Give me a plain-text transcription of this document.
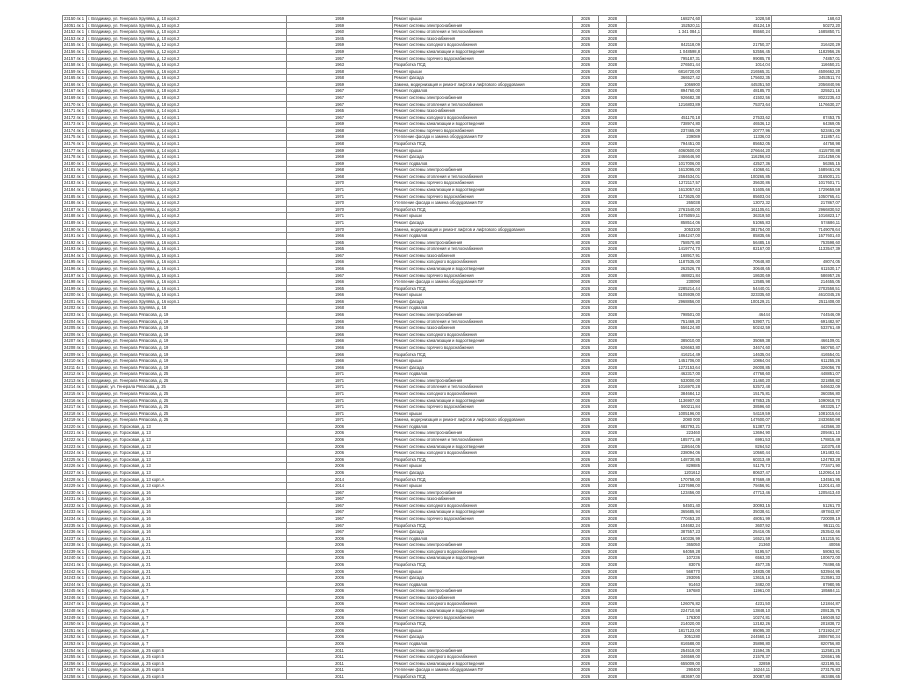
23150 4к 1	г. Владимир, ул. Генерала Хрулёва, д. 10 корп.2	1959	Ремонт крыши	2026	2028	168274,60	1028,58	168,63
24051 4к 1	г. Владимир, ул. Генерала Хрулёва, д. 10 корп.2	1959	Ремонт системы электроснабжения	2026	2028	152520,11	45124,19	50272,20
24152 4к 1	г. Владимир, ул. Генерала Хрулёва, д. 10 корп.2	1960	Ремонт системы отопления и теплоснабжения	2026	2028	1 341 084,1	85560,24	1685850,71
24153 4к 2	г. Владимир, ул. Генерала Хрулёва, д. 10 корп.2	1945	Ремонт системы газоснабжения	2026	2028			
24155 4к 1	г. Владимир, ул. Генерала Хрулёва, д. 12 корп.2	1959	Ремонт системы холодного водоснабжения	2026	2028	842118,09	21750,37	316420,29
24156 4к 1	г. Владимир, ул. Генерала Хрулёва, д. 12 корп.2	1959	Ремонт системы канализации и водоотведения	2026	2028	1 048598,8	52556,45	1182956,26
24157 4к 1	г. Владимир, ул. Генерала Хрулёва, д. 12 корп.2	1957	Ремонт системы горячего водоснабжения	2026	2028	795187,31	99085,78	74857,01
24158 4к 1	г. Владимир, ул. Генерала Хрулёва, д. 16 корп.2	1963	Разработка ПСД	2026	2028	276501,44	1014,04	116650,21
24159 4к 1	г. Владимир, ул. Генерала Хрулёва, д. 16 корп.2	1958	Ремонт крыши	2026	2028	6816720,00	216565,31	4506662,20
24165 4к 1	г. Владимир, ул. Генерала Хрулёва, д. 16 корп.2	1958	Ремонт фасада	2026	2028	366527,42	175602,35	3453511,74
24166 4к 1	г. Владимир, ул. Генерала Хрулёва, д. 16 корп.2	1959	Замена, модернизация и ремонт лифтов и лифтового оборудования	2026	2028	1066900	445351,50	2056840,96
24167 4к 1	г. Владимир, ул. Генерала Хрулёва, д. 18 корп.2	1967	Ремонт подвалов	2026	2028	894760,00	48185,70	325521,16
24169 4к 1	г. Владимир, ул. Генерала Хрулёва, д. 18 корп.2	1967	Ремонт системы электроснабжения	2026	2028	926682,38	41502,56	8022235,43
24170 4к 1	г. Владимир, ул. Генерала Хрулёва, д. 18 корп.2	1967	Ремонт системы отопления и теплоснабжения	2026	2028	1216803,89	75373,64	1176630,27
24171 4к 1	г. Владимир, ул. Генерала Хрулёва, д. 14 корп.1	1965	Ремонт системы газоснабжения	2026	2028			
24172 4к 1	г. Владимир, ул. Генерала Хрулёва, д. 14 корп.1	1967	Ремонт системы холодного водоснабжения	2026	2028	451170,18	27533,62	87453,75
24173 4к 1	г. Владимир, ул. Генерала Хрулёва, д. 14 корп.1	1969	Ремонт системы канализации и водоотведения	2026	2028	738974,80	46536,12	64369,05
24174 4к 1	г. Владимир, ул. Генерала Хрулёва, д. 14 корп.1	1968	Ремонт системы горячего водоснабжения	2026	2028	237465,09	20777,96	523461,09
24175 4к 1	г. Владимир, ул. Генерала Хрулёва, д. 14 корп.1	1969	Утепление фасада и замена оборудования ПУ	2026	2028	239089	11336,03	311857,41
24176 4к 1	г. Владимир, ул. Генерала Хрулёва, д. 14 корп.1	1968	Разработка ПСД	2026	2028	794451,00	85652,05	44758,98
24177 4к 1	г. Владимир, ул. Генерала Хрулёва, д. 14 корп.1	1969	Ремонт крыши	2026	2028	4060500,00	276644,20	4115700,88
24178 4к 1	г. Владимир, ул. Генерала Хрулёва, д. 14 корп.1	1969	Ремонт фасада	2026	2028	2466646,90	116256,83	2314259,06
24180 4к 1	г. Владимир, ул. Генерала Хрулёва, д. 14 корп.1	1969	Ремонт подвалов	2026	2028	1017006,00	42527,36	56365,15
24181 4к 1	г. Владимир, ул. Генерала Хрулёва, д. 14 корп.2	1968	Ремонт системы электроснабжения	2026	2028	1613095,00	41068,61	1689461,06
24182 4к 1	г. Владимир, ул. Генерала Хрулёва, д. 14 корп.2	1968	Ремонт системы отопления и теплоснабжения	2026	2028	2564534,01	100265,85	3165001,21
24183 4к 1	г. Владимир, ул. Генерала Хрулёва, д. 14 корп.2	1970	Ремонт системы горячего водоснабжения	2026	2028	1272117,57	35630,86	1017601,71
24184 4к 1	г. Владимир, ул. Генерала Хрулёва, д. 14 корп.2	1971	Ремонт системы канализации и водоотведения	2026	2028	1613057,63	51605,66	1729659,59
24185 4к 1	г. Владимир, ул. Генерала Хрулёва, д. 14 корп.2	1971	Ремонт системы горячего водоснабжения	2026	2028	1173625,00	85603,04	1050765,41
24186 4к 1	г. Владимир, ул. Генерала Хрулёва, д. 14 корп.2	1970	Утепление фасада и замена оборудования ПУ	2026	2028	265038	13072,32	217867,07
24187 4к 1	г. Владимир, ул. Генерала Хрулёва, д. 14 корп.2	1970	Разработка ПСД	2026	2028	2761540,00	161105,61	2966830,52
24188 4к 1	г. Владимир, ул. Генерала Хрулёва, д. 14 корп.2	1971	Ремонт крыши	2026	2028	1075059,11	36319,50	1016823,17
24189 4к 1	г. Владимир, ул. Генерала Хрулёва, д. 14 корп.2	1971	Ремонт фасада	2026	2028	858514,06	51065,83	574686,11
24190 4к 1	г. Владимир, ул. Генерала Хрулёва, д. 14 корп.2	1970	Замена, модернизация и ремонт лифтов и лифтового оборудования	2026	2028	2053100	381754,00	7149078,64
24191 4к 1	г. Владимир, ул. Генерала Хрулёва, д. 16 корп.1	1966	Ремонт подвалов	2026	2028	1864247,00	85835,66	1577601,40
24192 4к 1	г. Владимир, ул. Генерала Хрулёва, д. 16 корп.1	1965	Ремонт системы электроснабжения	2026	2028	758570,80	56485,16	753598,60
24193 4к 1	г. Владимир, ул. Генерала Хрулёва, д. 16 корп.1	1965	Ремонт системы отопления и теплоснабжения	2026	2028	1419774,70	82167,00	1133547,39
24194 4к 1	г. Владимир, ул. Генерала Хрулёва, д. 16 корп.1	1967	Ремонт системы газоснабжения	2026	2028	168917,91		
24195 4к 1	г. Владимир, ул. Генерала Хрулёва, д. 16 корп.1	1966	Ремонт системы холодного водоснабжения	2026	2028	1187535,00	70648,80	48074,05
24196 4к 1	г. Владимир, ул. Генерала Хрулёва, д. 16 корп.1	1966	Ремонт системы канализации и водоотведения	2026	2028	262526,78	30648,65	611530,17
24197 4к 1	г. Владимир, ул. Генерала Хрулёва, д. 16 корп.1	1967	Ремонт системы горячего водоснабжения	2026	2028	468821,84	18630,69	586957,26
24198 4к 1	г. Владимир, ул. Генерала Хрулёва, д. 16 корп.1	1966	Утепление фасада и замена оборудования ПУ	2026	2028	230090	12585,98	214655,05
24199 4к 1	г. Владимир, ул. Генерала Хрулёва, д. 16 корп.1	1965	Разработка ПСД	2026	2028	2285214,44	54440,01	2702558,51
24200 4к 1	г. Владимир, ул. Генерала Хрулёва, д. 16 корп.1	1966	Ремонт крыши	2026	2028	5105939,00	323335,60	4610345,26
24201 4к 1	г. Владимир, ул. Генерала Хрулёва, д. 16 корп.1	1966	Ремонт фасада	2026	2028	2968856,00	100129,21	2511408,00
24202 4к 1	г. Владимир, ул. Генерала Хрулёва, д. 18	1968	Ремонт подвалов	2026	2028			
24203 4к 1	г. Владимир, ул. Генерала Ряпасова, д. 19	1966	Ремонт системы электроснабжения	2026	2028	798501,00	46444	744546,09
24204 4к 1	г. Владимир, ул. Генерала Ряпасова, д. 19	1966	Ремонт системы отопления и теплоснабжения	2026	2028	751469,20	53907,71	691482,97
24205 4к 1	г. Владимир, ул. Генерала Ряпасова, д. 19	1966	Ремонт системы газоснабжения	2026	2028	556124,80	50242,59	533761,49
24206 4к 1	г. Владимир, ул. Генерала Ряпасова, д. 19	1966	Ремонт системы холодного водоснабжения	2026	2028			
24207 4к 1	г. Владимир, ул. Генерала Ряпасова, д. 19	1966	Ремонт системы канализации и водоотведения	2026	2028	385010,00	35069,38	466109,01
24208 4к 1	г. Владимир, ул. Генерала Ряпасова, д. 19	1966	Ремонт системы горячего водоснабжения	2026	2028	626663,80	34674,60	560760,47
24209 4к 1	г. Владимир, ул. Генерала Ряпасова, д. 19	1966	Разработка ПСД	2026	2028	416214,49	14635,04	416554,01
24210 4к 1	г. Владимир, ул. Генерала Ряпасова, д. 19	1966	Ремонт крыши	2026	2028	1451706,00	10864,04	611255,26
24211 4к 1	г. Владимир, ул. Генерала Ряпасова, д. 19	1966	Ремонт фасада	2026	2028	1272153,64	26008,85	326056,78
24212 4к 1	г. Владимир, ул. Генерала Ряпасова, д. 25	1971	Ремонт подвалов	2026	2028	462317,00	47768,60	448851,07
24213 4к 1	г. Владимир, ул. Генерала Ряпасова, д. 25	1971	Ремонт системы электроснабжения	2026	2028	533000,00	31460,20	321858,82
24214 4к 1	г. Владимir, ул. Генерала Ряпасова, д. 25	1971	Ремонт системы отопления и теплоснабжения	2026	2028	1016970,28	52572,48	546632,09
24215 4к 1	г. Владимир, ул. Генерала Ряпасова, д. 25	1971	Ремонт системы холодного водоснабжения	2026	2028	384684,12	15175,81	360356,80
24216 4к 1	г. Владимир, ул. Генерала Ряпасова, д. 25	1971	Ремонт системы канализации и водоотведения	2026	2028	1136907,00	87853,25	1090918,70
24217 4к 1	г. Владимир, ул. Генерала Ряпасова, д. 25	1971	Ремонт системы горячего водоснабжения	2026	2028	560211,84	38596,60	693325,17
24218 4к 1	г. Владимир, ул. Генерала Ряпасова, д. 25	1971	Ремонт крыши	2026	2028	1005196,00	54119,59	1081015,64
24219 4к 1	г. Владимир, ул. Генерала Ряпасова, д. 25	1971	Замена, модернизация и ремонт лифтов и лифтового оборудования	2026	2028	2080 000	147600,07	2433650,98
24220 4к 1	г. Владимир, ул. Гороховая, д. 13	2006	Ремонт подвалов	2026	2028	682793,21	51387,73	442566,30
24221 4к 1	г. Владимир, ул. Гороховая, д. 13	2006	Ремонт системы электроснабжения	2026	2028	223460	13694,90	209461,10
24222 4к 1	г. Владимир, ул. Гороховая, д. 13	2006	Ремонт системы отопления и теплоснабжения	2026	2028	185771,49	6991,53	178815,49
24223 4к 1	г. Владимир, ул. Гороховая, д. 13	2006	Ремонт системы канализации и водоотведения	2026	2028	118644,05	8264,52	110375,48
24224 4к 1	г. Владимир, ул. Гороховая, д. 13	2006	Ремонт системы холодного водоснабжения	2026	2028	238094,06	10560,44	191483,61
24225 4к 1	г. Владимир, ул. Гороховая, д. 13	2006	Разработка ПСД	2026	2028	148730,85	60313,49	124783,28
24226 4к 1	г. Владимир, ул. Гороховая, д. 13	2006	Ремонт крыши	2026	2028	829885	51175,73	773471,90
24227 4к 1	г. Владимир, ул. Гороховая, д. 13	2006	Ремонт фасада	2026	2028	1201612	80637,47	1120914,10
24228 4к 1	г. Владимир, ул. Гороховая, д. 13 корп.А	2014	Разработка ПСД	2026	2028	170758,00	87669,49	134561,95
24229 4к 1	г. Владимир, ул. Гороховая, д. 13 корп.А	2014	Ремонт крыши	2026	2028	1237698,00	79456,91	1120141,40
24230 4к 1	г. Владимир, ул. Гороховая, д. 16	1967	Ремонт системы электроснабжения	2026	2028	123456,00	47713,46	1205413,40
24231 4к 1	г. Владимир, ул. Гороховая, д. 16	1967	Ремонт системы газоснабжения	2026	2028			
24232 4к 1	г. Владимир, ул. Гороховая, д. 16	1967	Ремонт системы холодного водоснабжения	2026	2028	54501,40	30093,15	51261,70
24233 4к 1	г. Владимир, ул. Гороховая, д. 16	1967	Ремонт системы канализации и водоотведения	2026	2028	365685,94	35038,61	497843,87
24234 4к 1	г. Владимир, ул. Гороховая, д. 16	1967	Ремонт системы горячего водоснабжения	2026	2028	770453,20	48051,99	720009,19
24235 4к 1	г. Владимир, ул. Гороховая, д. 16	1967	Разработка ПСД	2026	2028	104682,24	3607,92	95111,01
24236 4к 1	г. Владимир, ул. Гороховая, д. 16	1967	Ремонт фасада	2026	2028	387557,23	25416,05	253542,66
24237 4к 1	г. Владимир, ул. Гороховая, д. 21	2006	Ремонт подвалов	2026	2028	160336,99	16521,59	151215,91
24238 4к 1	г. Владимир, ул. Гороховая, д. 21	2006	Ремонт системы электроснабжения	2026	2028	365050	21360	40056
24239 4к 1	г. Владимир, ул. Гороховая, д. 21	2006	Ремонт системы холодного водоснабжения	2026	2028	64059,28	5195,57	58063,91
24240 4к 1	г. Владимир, ул. Гороховая, д. 21	2006	Ремонт системы канализации и водоотведения	2026	2028	107236	6563,30	100672,00
24241 4к 1	г. Владимир, ул. Гороховая, д. 21	2006	Разработка ПСД	2026	2028	83076	4577,35	78498,65
24242 4к 1	г. Владимир, ул. Гороховая, д. 21	2006	Ремонт крыши	2026	2028	568770	34835,08	533944,95
24243 4к 1	г. Владимир, ул. Гороховая, д. 21	2006	Ремонт фасада	2026	2028	293095	13615,16	313591,33
24244 4к 1	г. Владимир, ул. Гороховая, д. 21	2006	Ремонт подвалов	2026	2028	91463	3482,00	87980,95
24245 4к 1	г. Владимир, ул. Гороховая, д. 7	2006	Ремонт системы электроснабжения	2026	2028	197680	11961,00	185684,11
24246 4к 1	г. Владимир, ул. Гороховая, д. 7	2006	Ремонт системы газоснабжения	2026	2028			
24247 4к 1	г. Владимир, ул. Гороховая, д. 7	2006	Ремонт системы холодного водоснабжения	2026	2028	126076,82	4231,50	121844,87
24248 4к 1	г. Владимир, ул. Гороховая, д. 7	2006	Ремонт системы канализации и водоотведения	2026	2028	224710,58	13848,10	208135,75
24249 4к 1	г. Владимир, ул. Гороховая, д. 7	2006	Ремонт системы горячего водоснабжения	2026	2028	176300	10274,81	166049,52
24250 4к 1	г. Владимир, ул. Гороховая, д. 7	2006	Разработка ПСД	2026	2028	214020,00	12182,26	201838,72
24251 4к 1	г. Владимир, ул. Гороховая, д. 7	2006	Ремонт крыши	2026	2028	1817123,00	85095,30	1731924,27
24252 4к 1	г. Владимир, ул. Гороховая, д. 7	2006	Ремонт фасада	2026	2028	3051280	244560,13	2806760,34
24253 4к 1	г. Владимир, ул. Гороховая, д. 7	2006	Ремонт подвалов	2026	2028	816588,00	35898,80	820756,80
24254 4к 1	г. Владимир, ул. Гороховая, д. 25 корп.5	2011	Ремонт системы электроснабжения	2026	2028	254518,00	31594,35	112581,25
24255 4к 1	г. Владимир, ул. Гороховая, д. 25 корп.5	2011	Ремонт системы холодного водоснабжения	2026	2028	346569,00	21578,37	326561,95
24256 4к 1	г. Владимир, ул. Гороховая, д. 25 корп.5	2011	Ремонт системы канализации и водоотведения	2026	2028	655009,00	32859	422195,51
24257 4к 1	г. Владимир, ул. Гороховая, д. 25 корп.5	2011	Утепление фасада и замена оборудования ПУ	2026	2028	290400	16244,11	273175,83
24258 4к 1	г. Владимир, ул. Гороховая, д. 25 корп.5	2011	Разработка ПСД	2026	2028	483697,00	30087,80	463486,65
